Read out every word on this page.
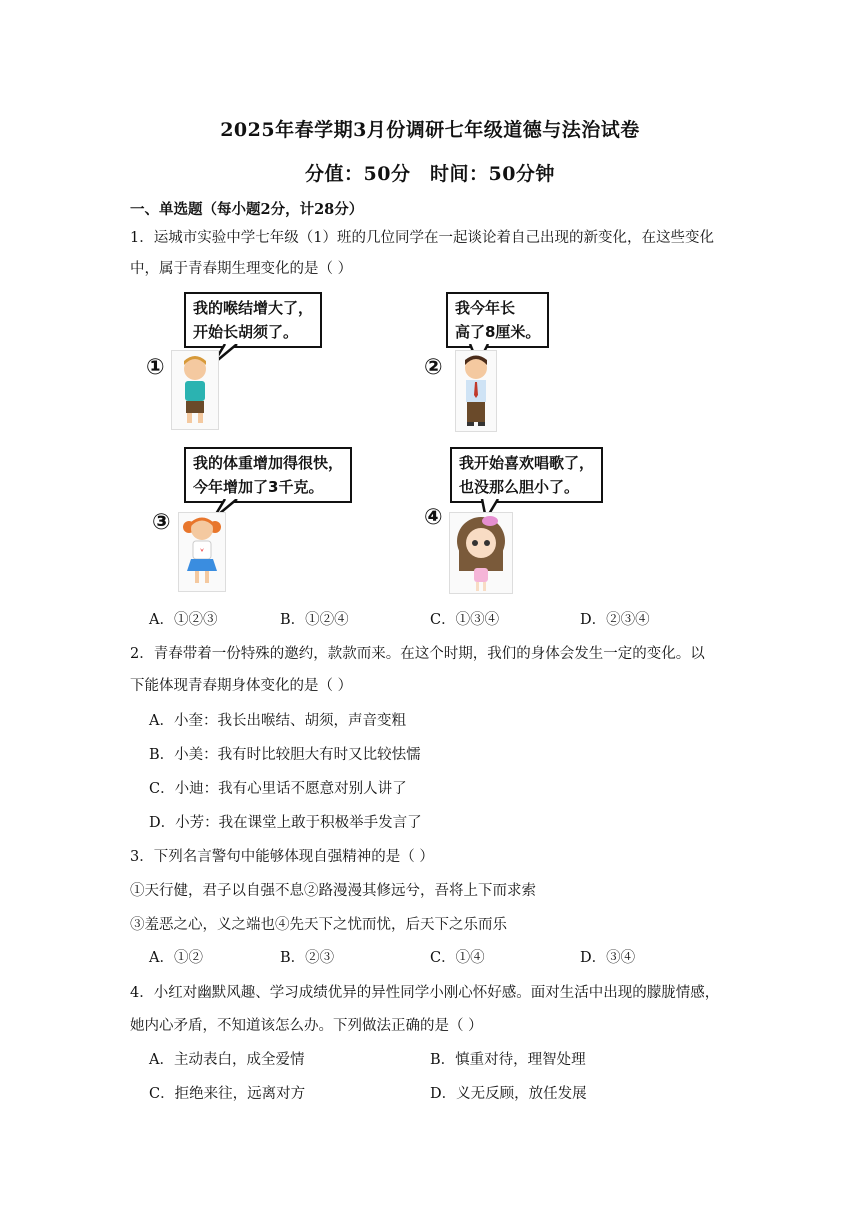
2025年春学期3月份调研七年级道德与法治试卷
分值：50分　时间：50分钟
一、单选题（每小题2分，计28分）
1．运城市实验中学七年级（1）班的几位同学在一起谈论着自己出现的新变化，在这些变化
中，属于青春期生理变化的是（ ）
我的喉结增大了，
开始长胡须了。
①
我今年长
高了8厘米。
②
我的体重增加得很快，
今年增加了3千克。
③
我开始喜欢唱歌了，
也没那么胆小了。
④
A．①②③	B．①②④	C．①③④	D．②③④
2．青春带着一份特殊的邀约，款款而来。在这个时期，我们的身体会发生一定的变化。以
下能体现青春期身体变化的是（ ）
A．小奎：我长出喉结、胡须，声音变粗
B．小美：我有时比较胆大有时又比较怯懦
C．小迪：我有心里话不愿意对别人讲了
D．小芳：我在课堂上敢于积极举手发言了
3．下列名言警句中能够体现自强精神的是（ ）
①天行健，君子以自强不息②路漫漫其修远兮，吾将上下而求索
③羞恶之心，义之端也④先天下之忧而忧，后天下之乐而乐
A．①②	B．②③	C．①④	D．③④
4．小红对幽默风趣、学习成绩优异的异性同学小刚心怀好感。面对生活中出现的朦胧情感，
她内心矛盾，不知道该怎么办。下列做法正确的是（ ）
A．主动表白，成全爱情	B．慎重对待，理智处理
C．拒绝来往，远离对方	D．义无反顾，放任发展
